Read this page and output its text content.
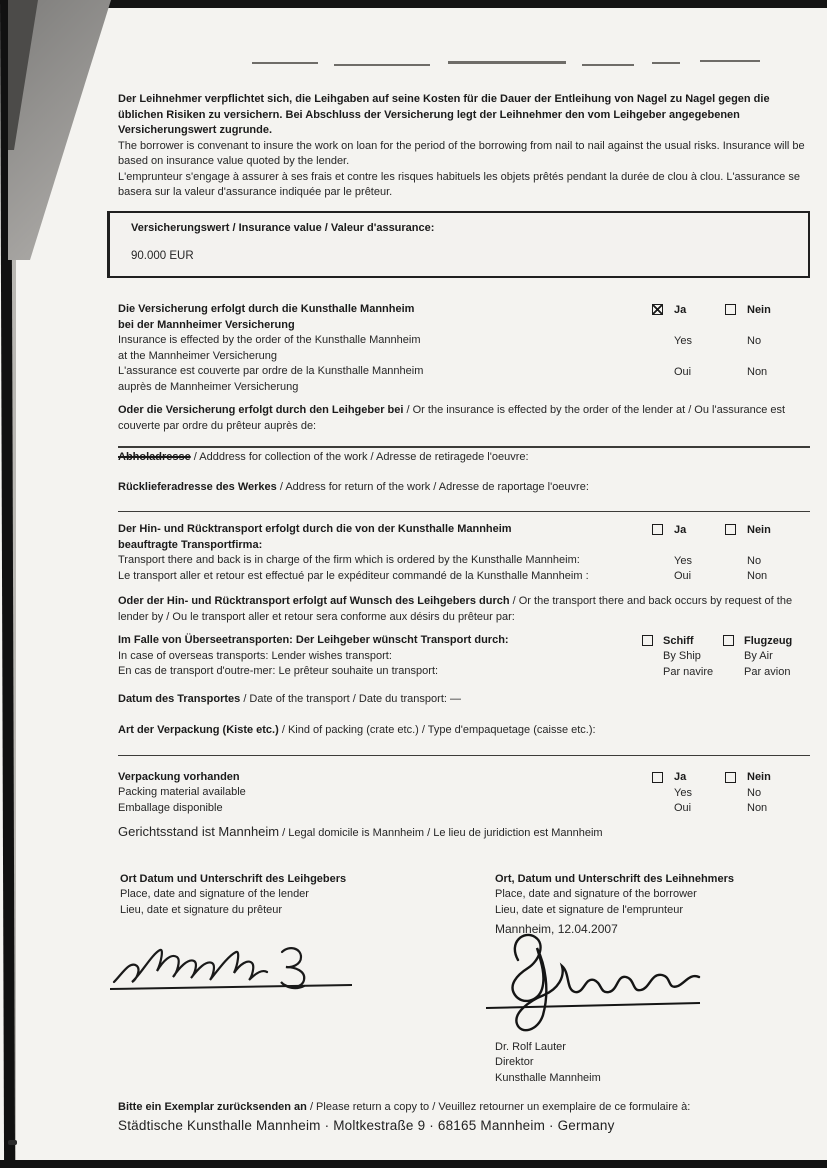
Der Leihnehmer verpflichtet sich, die Leihgaben auf seine Kosten für die Dauer der Entleihung von Nagel zu Nagel gegen die üblichen Risiken zu versichern. Bei Abschluss der Versicherung legt der Leihnehmer den vom Leihgeber angegebenen Versicherungswert zugrunde.
The borrower is convenant to insure the work on loan for the period of the borrowing from nail to nail against the usual risks. Insurance will be based on insurance value quoted by the lender.
L'emprunteur s'engage à assurer à ses frais et contre les risques habituels les objets prêtés pendant la durée de clou à clou. L'assurance se basera sur la valeur d'assurance indiquée par le prêteur.
Versicherungswert / Insurance value / Valeur d'assurance:
90.000 EUR
Die Versicherung erfolgt durch die Kunsthalle Mannheim
bei der Mannheimer Versicherung
Insurance is effected by the order of the Kunsthalle Mannheim
at the Mannheimer Versicherung
L'assurance est couverte par ordre de la Kunsthalle Mannheim
auprès de Mannheimer Versicherung
Ja	Nein
Yes	No
Oui	Non
Oder die Versicherung erfolgt durch den Leihgeber bei / Or the insurance is effected by the order of the lender at / Ou l'assurance est couverte par ordre du prêteur auprès de:
Abholadresse / Adddress for collection of the work / Adresse de retiragede l'oeuvre:
Rücklieferadresse des Werkes / Address for return of the work / Adresse de raportage l'oeuvre:
Der Hin- und Rücktransport erfolgt durch die von der Kunsthalle Mannheim
beauftragte Transportfirma:
Transport there and back is in charge of the firm which is ordered by the Kunsthalle Mannheim:
Le transport aller et retour est effectué par le expéditeur commandé de la Kunsthalle Mannheim :
Ja	Nein
Yes	No
Oui	Non
Oder der Hin- und Rücktransport erfolgt auf Wunsch des Leihgebers durch / Or the transport there and back occurs by request of the lender by / Ou le transport aller et retour sera conforme aux désirs du prêteur par:
Im Falle von Überseetransporten: Der Leihgeber wünscht Transport durch:
In case of overseas transports: Lender wishes transport:
En cas de transport d'outre-mer: Le prêteur souhaite un transport:
Schiff	Flugzeug
By Ship	By Air
Par navire	Par avion
Datum des Transportes / Date of the transport / Date du transport: —
Art der Verpackung (Kiste etc.) / Kind of packing (crate etc.) / Type d'empaquetage (caisse etc.):
Verpackung vorhanden
Packing material available
Emballage disponible
Ja	Nein
Yes	No
Oui	Non
Gerichtsstand ist Mannheim / Legal domicile is Mannheim / Le lieu de juridiction est Mannheim
Ort Datum und Unterschrift des Leihgebers
Place, date and signature of the lender
Lieu, date et signature du prêteur
Ort, Datum und Unterschrift des Leihnehmers
Place, date and signature of the borrower
Lieu, date et signature de l'emprunteur
Mannheim, 12.04.2007
Dr. Rolf Lauter
Direktor
Kunsthalle Mannheim
Bitte ein Exemplar zurücksenden an / Please return a copy to / Veuillez retourner un exemplaire de ce formulaire à:
Städtische Kunsthalle Mannheim · Moltkestraße 9 · 68165 Mannheim · Germany
